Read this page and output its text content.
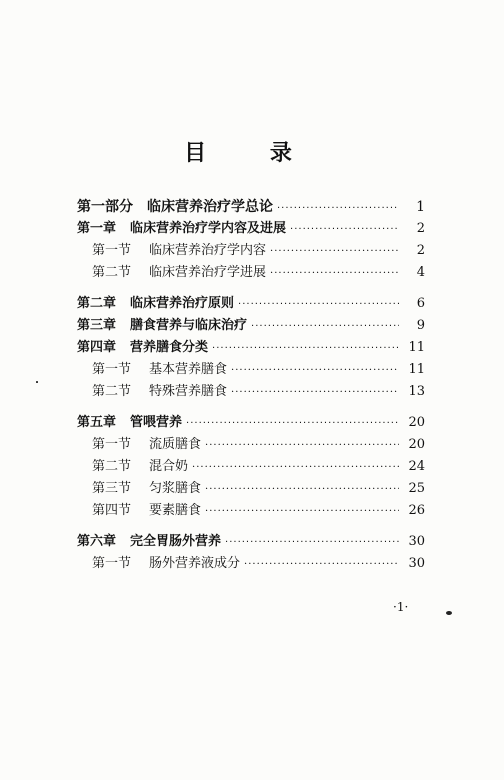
目 录
第一部分 临床营养治疗学总论 ·····	1
第一章 临床营养治疗学内容及进展 ·····	2
第一节 临床营养治疗学内容 ·····	2
第二节 临床营养治疗学进展 ·····	4
第二章 临床营养治疗原则 ·····	6
第三章 膳食营养与临床治疗 ·····	9
第四章 营养膳食分类 ·····	11
第一节 基本营养膳食 ·····	11
第二节 特殊营养膳食 ·····	13
第五章 管喂营养 ·····	20
第一节 流质膳食 ·····	20
第二节 混合奶 ·····	24
第三节 匀浆膳食 ·····	25
第四节 要素膳食 ·····	26
第六章 完全胃肠外营养 ·····	30
第一节 肠外营养液成分 ·····	30
·1·
